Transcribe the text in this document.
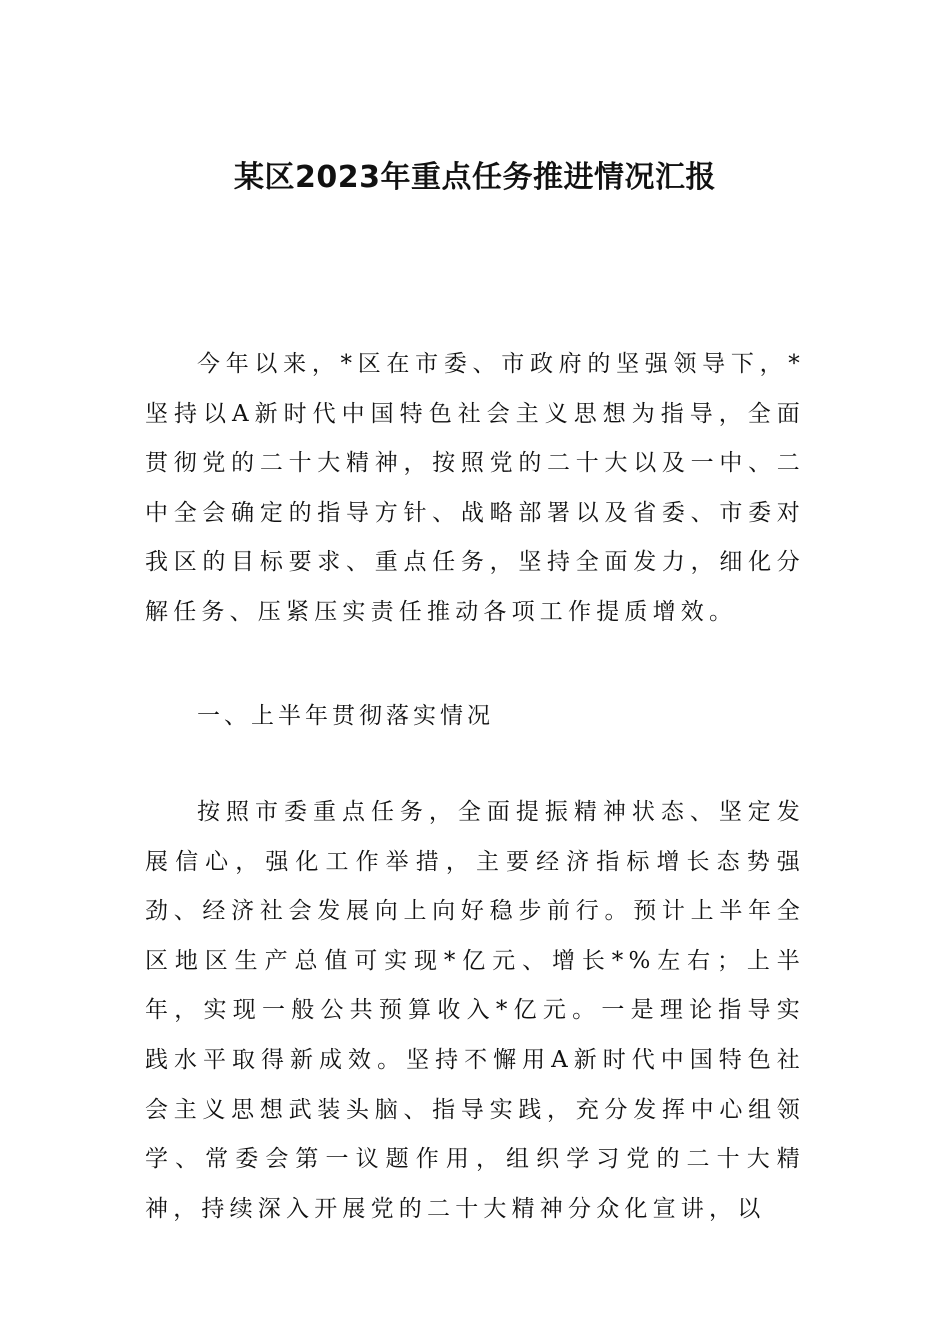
某区2023年重点任务推进情况汇报

今年以来，*区在市委、市政府的坚强领导下，*坚持以A新时代中国特色社会主义思想为指导，全面贯彻党的二十大精神，按照党的二十大以及一中、二中全会确定的指导方针、战略部署以及省委、市委对我区的目标要求、重点任务，坚持全面发力，细化分解任务、压紧压实责任推动各项工作提质增效。

一、上半年贯彻落实情况

按照市委重点任务，全面提振精神状态、坚定发展信心，强化工作举措，主要经济指标增长态势强劲、经济社会发展向上向好稳步前行。预计上半年全区地区生产总值可实现*亿元、增长*%左右；上半年，实现一般公共预算收入*亿元。一是理论指导实践水平取得新成效。坚持不懈用A新时代中国特色社会主义思想武装头脑、指导实践，充分发挥中心组领学、常委会第一议题作用，组织学习党的二十大精神，持续深入开展党的二十大精神分众化宣讲，以
